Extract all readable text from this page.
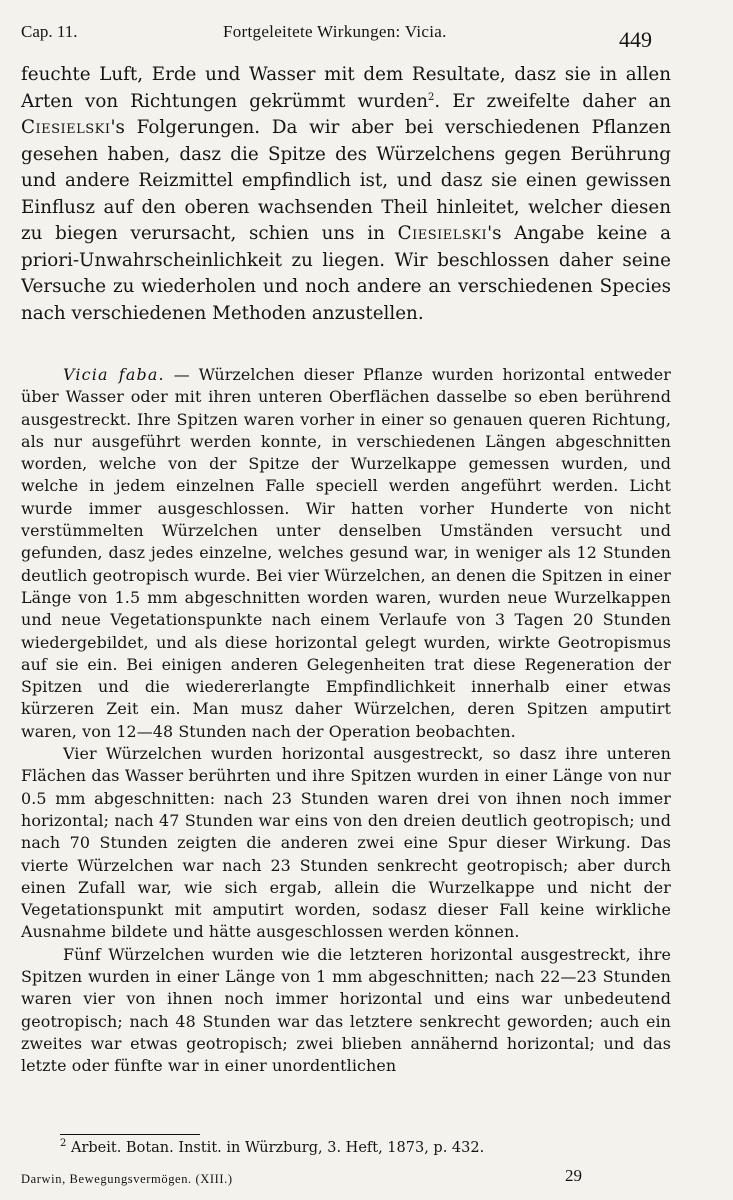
Cap. 11.	Fortgeleitete Wirkungen: Vicia.	449

feuchte Luft, Erde und Wasser mit dem Resultate, dasz sie in allen Arten von Richtungen gekrümmt wurden$^2$. Er zweifelte daher an Ciesielski's Folgerungen. Da wir aber bei verschiedenen Pflanzen gesehen haben, dasz die Spitze des Würzelchens gegen Berührung und andere Reizmittel empfindlich ist, und dasz sie einen gewissen Einflusz auf den oberen wachsenden Theil hinleitet, welcher diesen zu biegen verursacht, schien uns in Ciesielski's Angabe keine a priori-Unwahrscheinlichkeit zu liegen. Wir beschlossen daher seine Versuche zu wiederholen und noch andere an verschiedenen Species nach verschiedenen Methoden anzustellen.

Vicia faba. — Würzelchen dieser Pflanze wurden horizontal entweder über Wasser oder mit ihren unteren Oberflächen dasselbe so eben berührend ausgestreckt. Ihre Spitzen waren vorher in einer so genauen queren Richtung, als nur ausgeführt werden konnte, in verschiedenen Längen abgeschnitten worden, welche von der Spitze der Wurzelkappe gemessen wurden, und welche in jedem einzelnen Falle speciell werden angeführt werden. Licht wurde immer ausgeschlossen. Wir hatten vorher Hunderte von nicht verstümmelten Würzelchen unter denselben Umständen versucht und gefunden, dasz jedes einzelne, welches gesund war, in weniger als 12 Stunden deutlich geotropisch wurde. Bei vier Würzelchen, an denen die Spitzen in einer Länge von 1.5 mm abgeschnitten worden waren, wurden neue Wurzelkappen und neue Vegetationspunkte nach einem Verlaufe von 3 Tagen 20 Stunden wiedergebildet, und als diese horizontal gelegt wurden, wirkte Geotropismus auf sie ein. Bei einigen anderen Gelegenheiten trat diese Regeneration der Spitzen und die wiedererlangte Empfindlichkeit innerhalb einer etwas kürzeren Zeit ein. Man musz daher Würzelchen, deren Spitzen amputirt waren, von 12—48 Stunden nach der Operation beobachten.

Vier Würzelchen wurden horizontal ausgestreckt, so dasz ihre unteren Flächen das Wasser berührten und ihre Spitzen wurden in einer Länge von nur 0.5 mm abgeschnitten: nach 23 Stunden waren drei von ihnen noch immer horizontal; nach 47 Stunden war eins von den dreien deutlich geotropisch; und nach 70 Stunden zeigten die anderen zwei eine Spur dieser Wirkung. Das vierte Würzelchen war nach 23 Stunden senkrecht geotropisch; aber durch einen Zufall war, wie sich ergab, allein die Wurzelkappe und nicht der Vegetationspunkt mit amputirt worden, sodasz dieser Fall keine wirkliche Ausnahme bildete und hätte ausgeschlossen werden können.

Fünf Würzelchen wurden wie die letzteren horizontal ausgestreckt, ihre Spitzen wurden in einer Länge von 1 mm abgeschnitten; nach 22—23 Stunden waren vier von ihnen noch immer horizontal und eins war unbedeutend geotropisch; nach 48 Stunden war das letztere senkrecht geworden; auch ein zweites war etwas geotropisch; zwei blieben annähernd horizontal; und das letzte oder fünfte war in einer unordentlichen

$^2$ Arbeit. Botan. Instit. in Würzburg, 3. Heft, 1873, p. 432.
Darwin, Bewegungsvermögen. (XIII.)	29
